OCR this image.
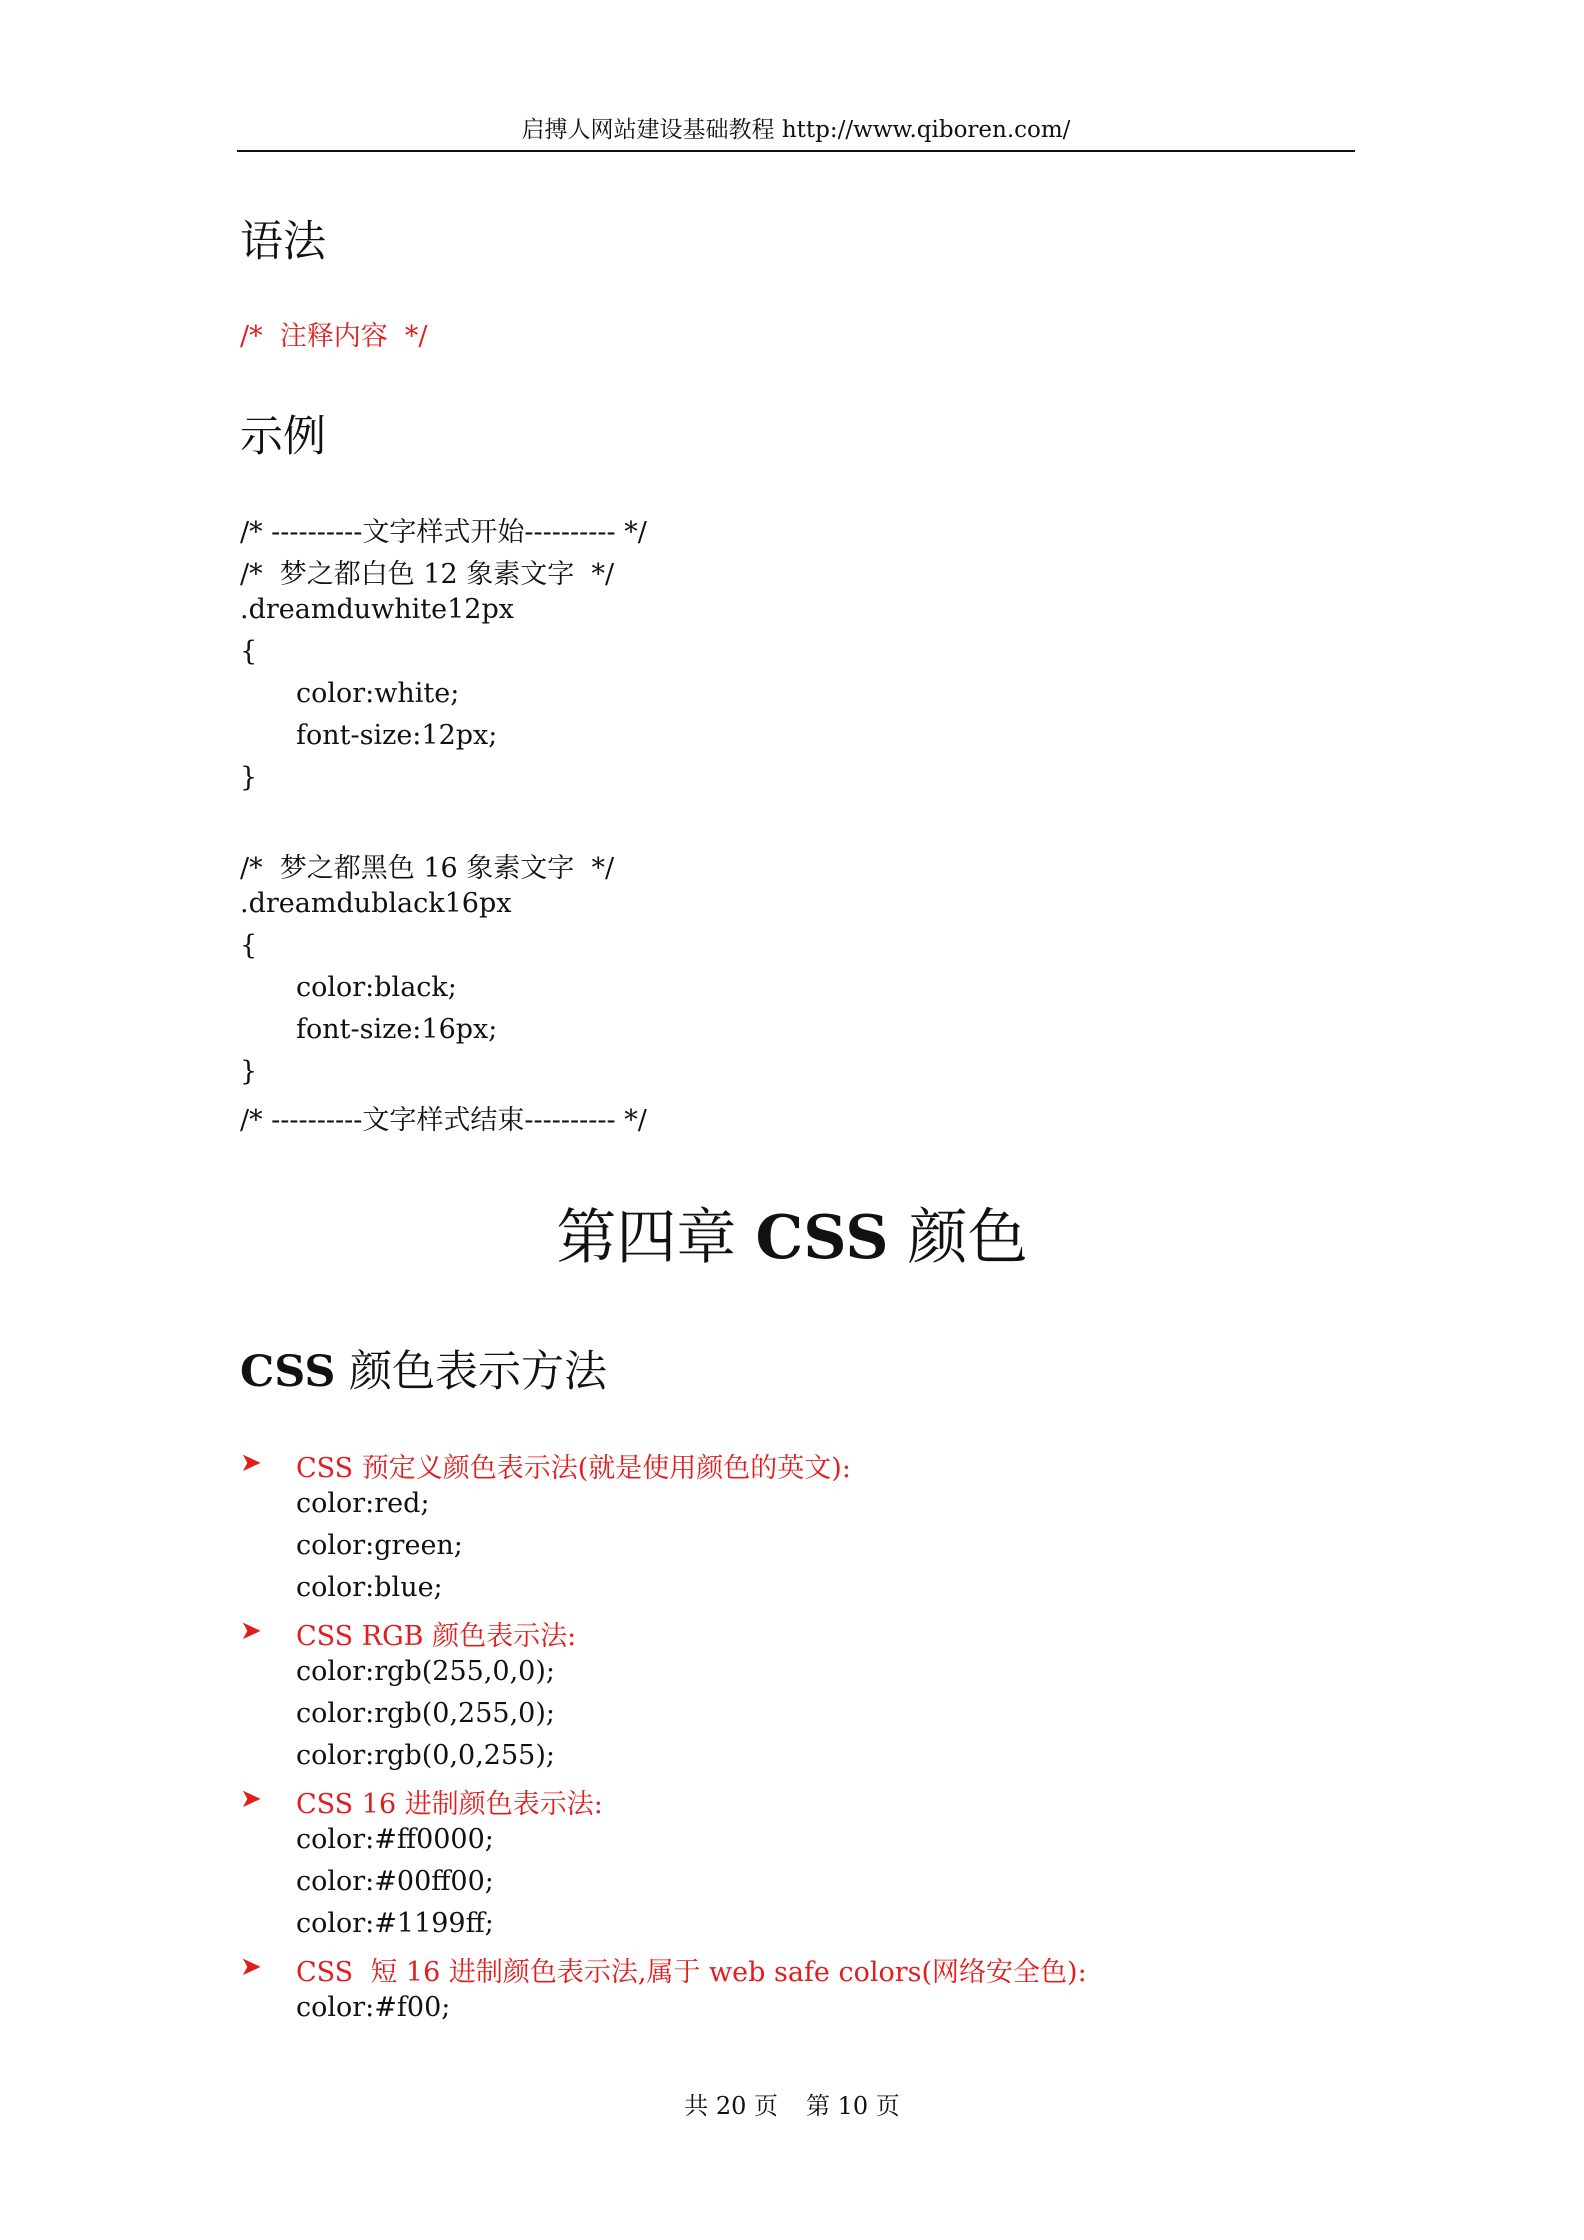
启搏人网站建设基础教程 http://www.qiboren.com/
语法
/*  注释内容  */
示例
/* ----------文字样式开始---------- */
/*  梦之都白色 12 象素文字  */
.dreamduwhite12px
{
color:white;
font-size:12px;
}
/*  梦之都黑色 16 象素文字  */
.dreamdublack16px
{
color:black;
font-size:16px;
}
/* ----------文字样式结束---------- */
第四章 CSS 颜色
CSS 颜色表示方法
➤ CSS 预定义颜色表示法(就是使用颜色的英文):
color:red;
color:green;
color:blue;
➤ CSS RGB 颜色表示法:
color:rgb(255,0,0);
color:rgb(0,255,0);
color:rgb(0,0,255);
➤ CSS 16 进制颜色表示法:
color:#ff0000;
color:#00ff00;
color:#1199ff;
➤ CSS  短 16 进制颜色表示法,属于 web safe colors(网络安全色):
color:#f00;
共 20 页 第 10 页
